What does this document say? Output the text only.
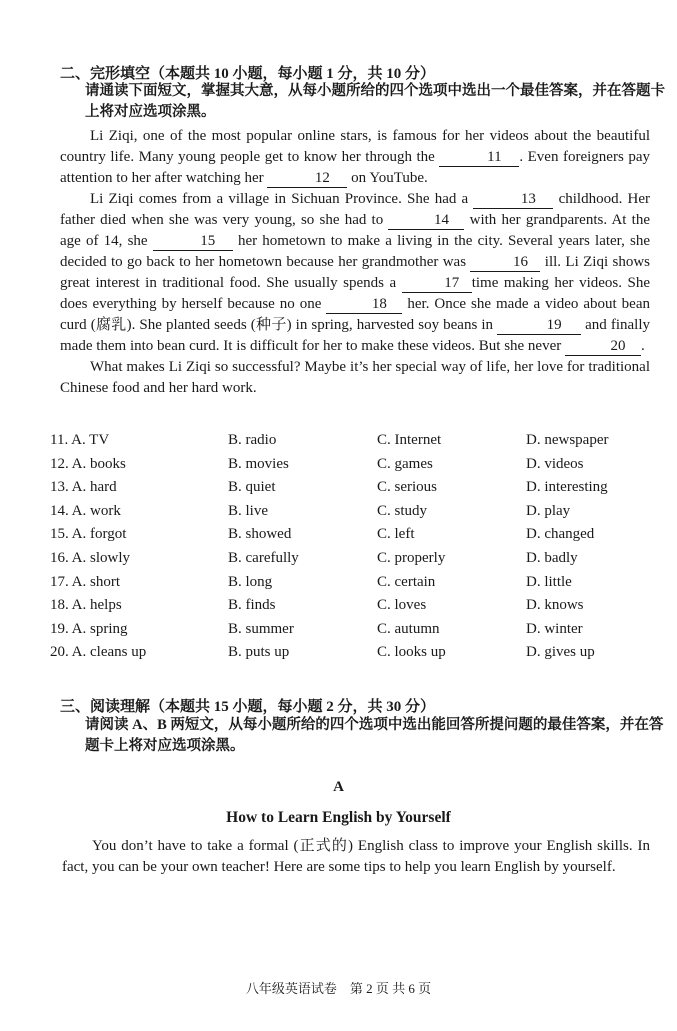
二、完形填空（本题共 10 小题，每小题 1 分，共 10 分）
请通读下面短文，掌握其大意，从每小题所给的四个选项中选出一个最佳答案，并在答题卡上将对应选项涂黑。

Li Ziqi, one of the most popular online stars, is famous for her videos about the beautiful country life. Many young people get to know her through the	11 . Even foreigners pay attention to her after watching her	12 on YouTube.

Li Ziqi comes from a village in Sichuan Province. She had a	13 childhood. Her father died when she was very young, so she had to	14 with her grandparents. At the age of 14, she	15 her hometown to make a living in the city. Several years later, she decided to go back to her hometown because her grandmother was	16 ill. Li Ziqi shows great interest in traditional food. She usually spends a	17 time making her videos. She does everything by herself because no one	18 her. Once she made a video about bean curd (腐乳). She planted seeds (种子) in spring, harvested soy beans in	19 and finally made them into bean curd. It is difficult for her to make these videos. But she never	20 .

What makes Li Ziqi so successful? Maybe it’s her special way of life, her love for traditional Chinese food and her hard work.

11. A. TV	B. radio	C. Internet	D. newspaper
12. A. books	B. movies	C. games	D. videos
13. A. hard	B. quiet	C. serious	D. interesting
14. A. work	B. live	C. study	D. play
15. A. forgot	B. showed	C. left	D. changed
16. A. slowly	B. carefully	C. properly	D. badly
17. A. short	B. long	C. certain	D. little
18. A. helps	B. finds	C. loves	D. knows
19. A. spring	B. summer	C. autumn	D. winter
20. A. cleans up	B. puts up	C. looks up	D. gives up
三、阅读理解（本题共 15 小题，每小题 2 分，共 30 分）
请阅读 A、B 两短文，从每小题所给的四个选项中选出能回答所提问题的最佳答案，并在答题卡上将对应选项涂黑。
A
How to Learn English by Yourself

You don’t have to take a formal (正式的) English class to improve your English skills. In fact, you can be your own teacher! Here are some tips to help you learn English by yourself.

八年级英语试卷　第 2 页 共 6 页
